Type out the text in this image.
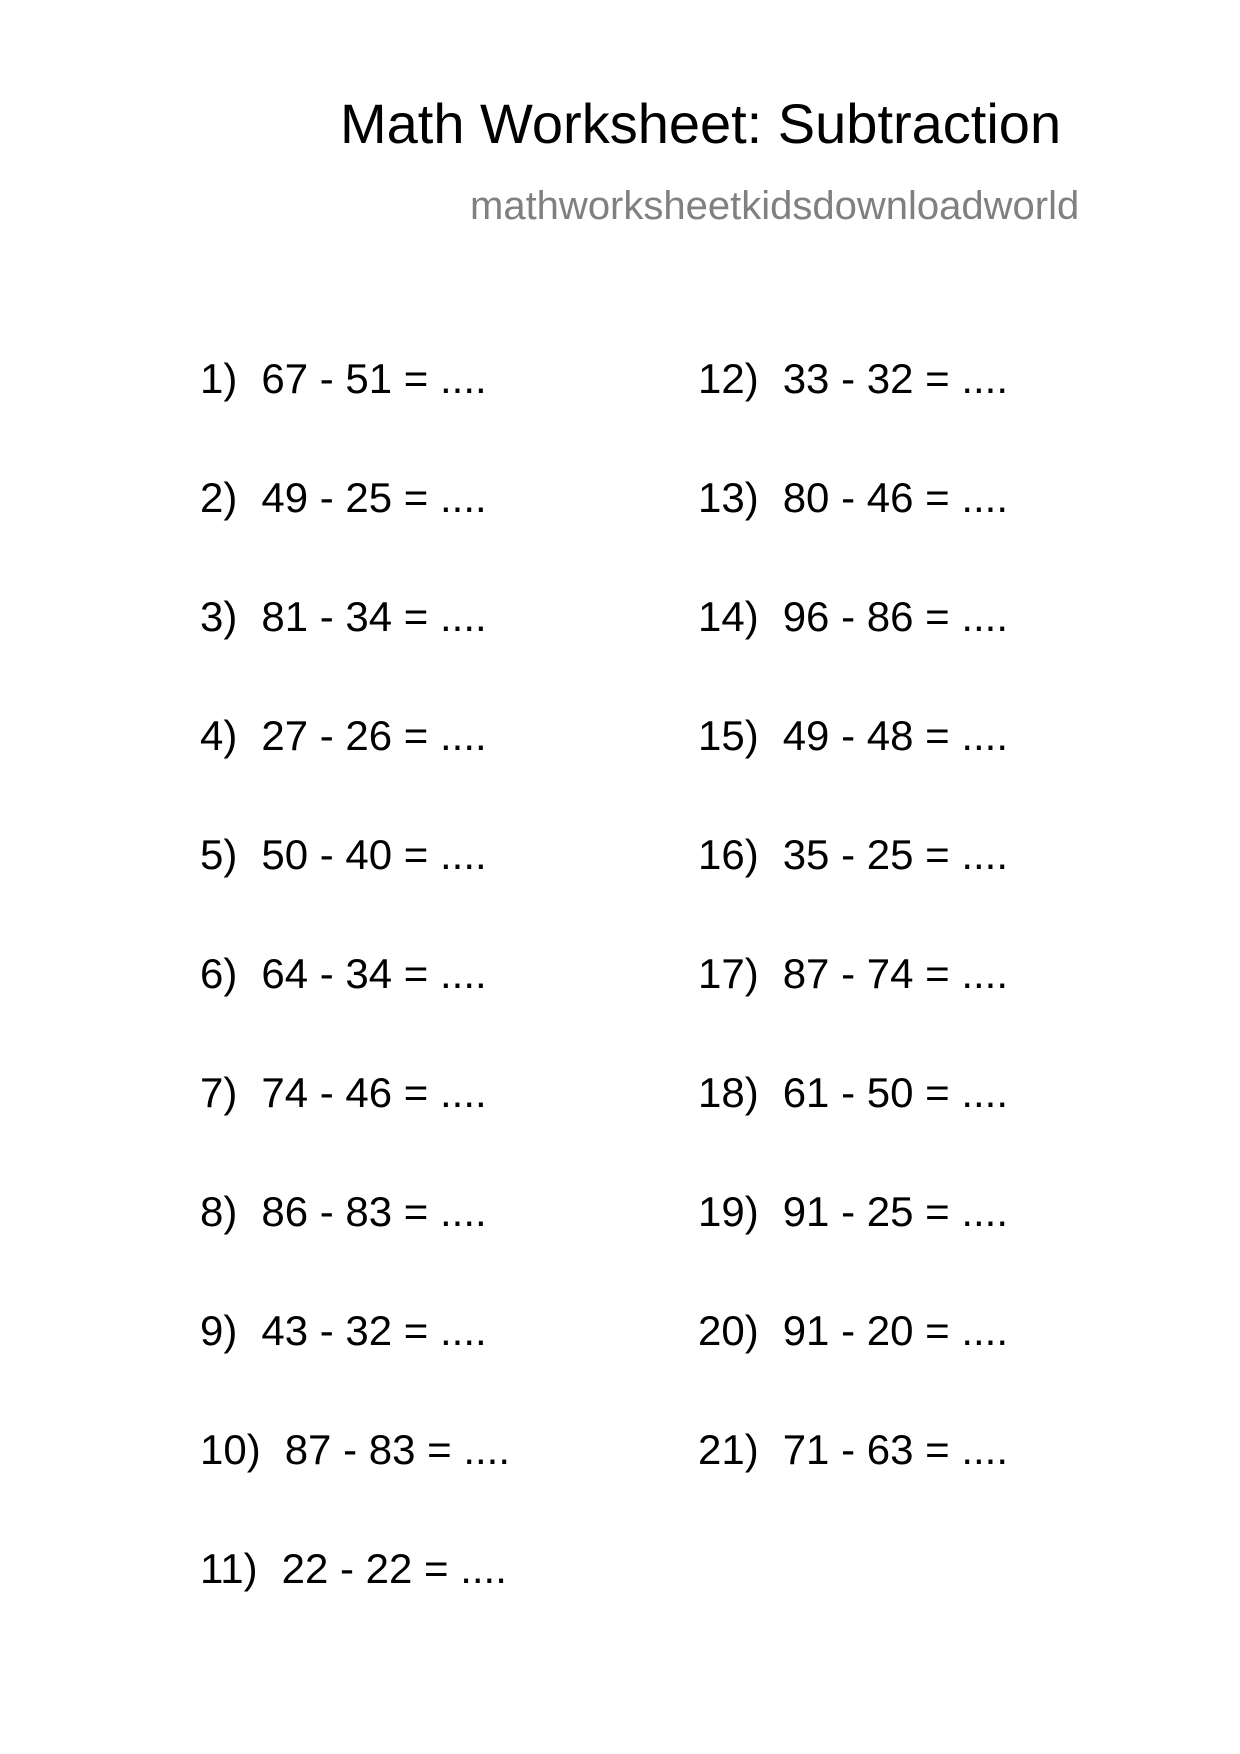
Math Worksheet: Subtraction
mathworksheetkidsdownloadworld
1) 67 - 51 = ....
2) 49 - 25 = ....
3) 81 - 34 = ....
4) 27 - 26 = ....
5) 50 - 40 = ....
6) 64 - 34 = ....
7) 74 - 46 = ....
8) 86 - 83 = ....
9) 43 - 32 = ....
10) 87 - 83 = ....
11) 22 - 22 = ....
12) 33 - 32 = ....
13) 80 - 46 = ....
14) 96 - 86 = ....
15) 49 - 48 = ....
16) 35 - 25 = ....
17) 87 - 74 = ....
18) 61 - 50 = ....
19) 91 - 25 = ....
20) 91 - 20 = ....
21) 71 - 63 = ....
